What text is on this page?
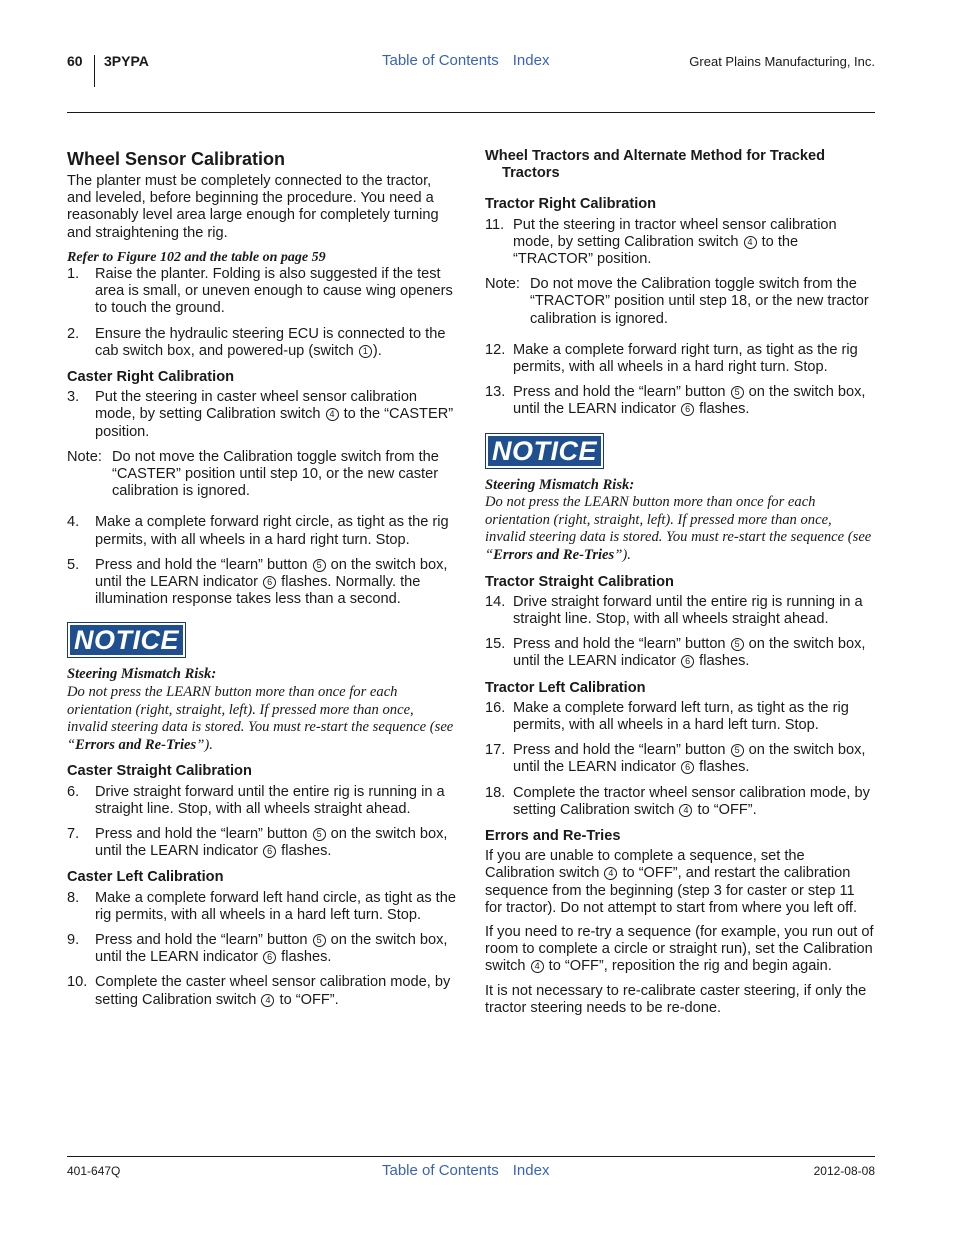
60 3PYPA	Table of Contents Index	Great Plains Manufacturing, Inc.
Wheel Sensor Calibration

The planter must be completely connected to the tractor, and leveled, before beginning the procedure. You need a reasonably level area large enough for completely turning and straightening the rig.

Refer to Figure 102 and the table on page 59
1.	Raise the planter. Folding is also suggested if the test area is small, or uneven enough to cause wing openers to touch the ground.
2.	Ensure the hydraulic steering ECU is connected to the cab switch box, and powered-up (switch 1 ).
Caster Right Calibration
3.	Put the steering in caster wheel sensor calibration mode, by setting Calibration switch 4 to the “CASTER” position.
Note: Do not move the Calibration toggle switch from the “CASTER” position until step 10, or the new caster calibration is ignored.
4.	Make a complete forward right circle, as tight as the rig permits, with all wheels in a hard right turn. Stop.
5.	Press and hold the “learn” button 5 on the switch box, until the LEARN indicator 6 flashes. Normally. the illumination response takes less than a second.
NOTICE
Steering Mismatch Risk:
Do not press the LEARN button more than once for each orientation (right, straight, left). If pressed more than once, invalid steering data is stored. You must re-start the sequence (see “Errors and Re-Tries”).
Caster Straight Calibration
6.	Drive straight forward until the entire rig is running in a straight line. Stop, with all wheels straight ahead.
7.	Press and hold the “learn” button 5 on the switch box, until the LEARN indicator 6 flashes.
Caster Left Calibration
8.	Make a complete forward left hand circle, as tight as the rig permits, with all wheels in a hard left turn. Stop.
9.	Press and hold the “learn” button 5 on the switch box, until the LEARN indicator 6 flashes.
10. Complete the caster wheel sensor calibration mode, by setting Calibration switch 4 to “OFF”.
Wheel Tractors and Alternate Method for Tracked Tractors
Tractor Right Calibration
11. Put the steering in tractor wheel sensor calibration mode, by setting Calibration switch 4 to the “TRACTOR” position.
Note: Do not move the Calibration toggle switch from the “TRACTOR” position until step 18, or the new tractor calibration is ignored.
12. Make a complete forward right turn, as tight as the rig permits, with all wheels in a hard right turn. Stop.
13. Press and hold the “learn” button 5 on the switch box, until the LEARN indicator 6 flashes.
NOTICE
Steering Mismatch Risk:
Do not press the LEARN button more than once for each orientation (right, straight, left). If pressed more than once, invalid steering data is stored. You must re-start the sequence (see “Errors and Re-Tries”).
Tractor Straight Calibration
14. Drive straight forward until the entire rig is running in a straight line. Stop, with all wheels straight ahead.
15. Press and hold the “learn” button 5 on the switch box, until the LEARN indicator 6 flashes.
Tractor Left Calibration
16. Make a complete forward left turn, as tight as the rig permits, with all wheels in a hard left turn. Stop.
17. Press and hold the “learn” button 5 on the switch box, until the LEARN indicator 6 flashes.
18. Complete the tractor wheel sensor calibration mode, by setting Calibration switch 4 to “OFF”.
Errors and Re-Tries

If you are unable to complete a sequence, set the Calibration switch 4 to “OFF”, and restart the calibration sequence from the beginning (step 3 for caster or step 11 for tractor). Do not attempt to start from where you left off.

If you need to re-try a sequence (for example, you run out of room to complete a circle or straight run), set the Calibration switch 4 to “OFF”, reposition the rig and begin again.

It is not necessary to re-calibrate caster steering, if only the tractor steering needs to be re-done.

401-647Q	Table of Contents Index	2012-08-08
